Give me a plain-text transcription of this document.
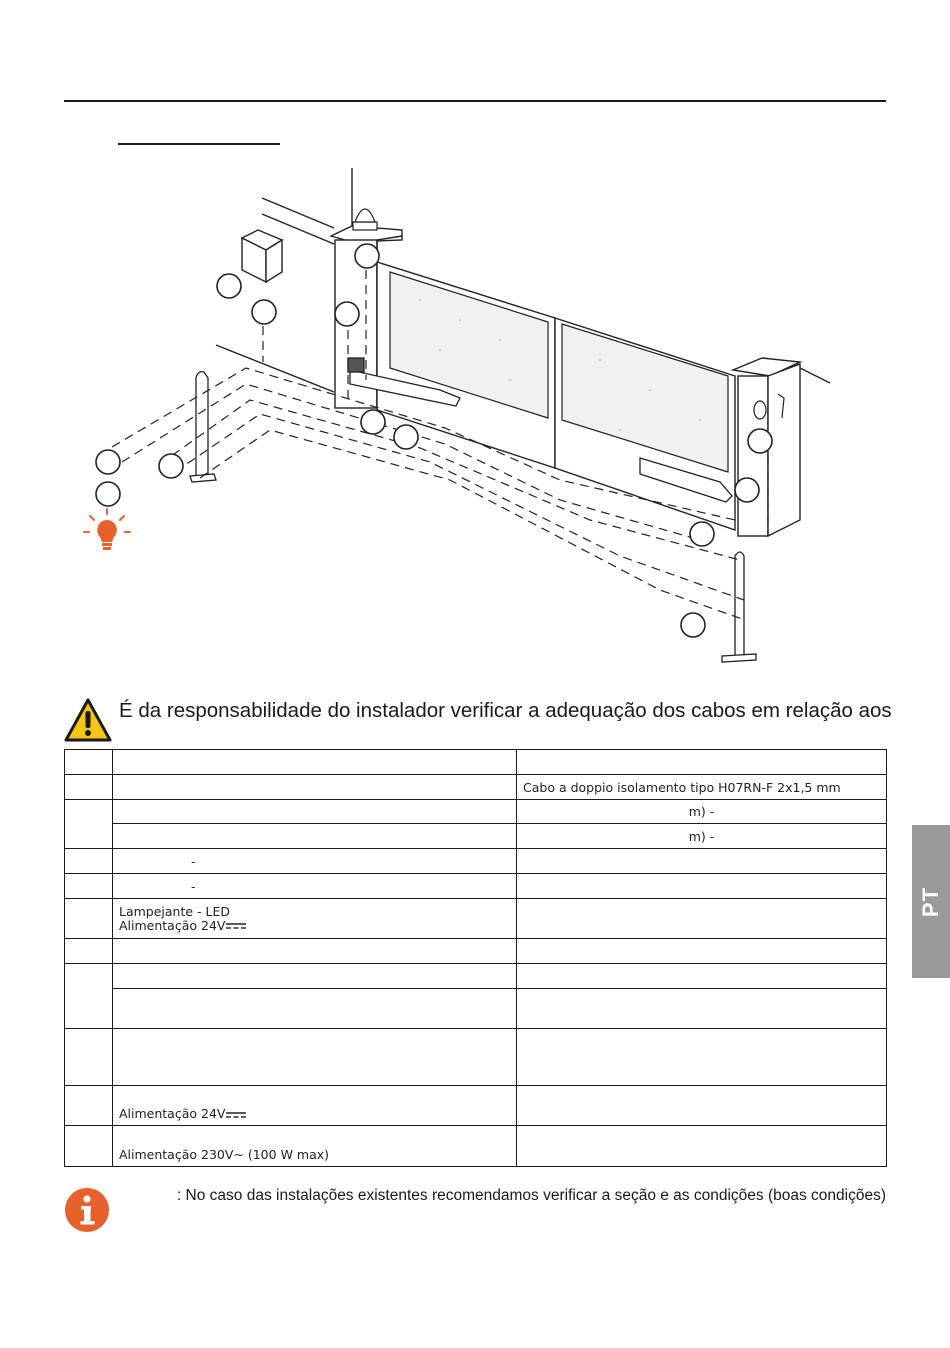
É da responsabilidade do instalador verificar a adequação dos cabos em relação aos

		Cabo a doppio isolamento tipo H07RN-F 2x1,5 mm
		m) -
		m) -
	-	
	-	

	Lampejante - LED
Alimentação 24V	

	Alimentação 24V	
	Alimentação 230V~ (100 W max)	
: No caso das instalações existentes recomendamos verificar a seção e as condições (boas condições)
PT
